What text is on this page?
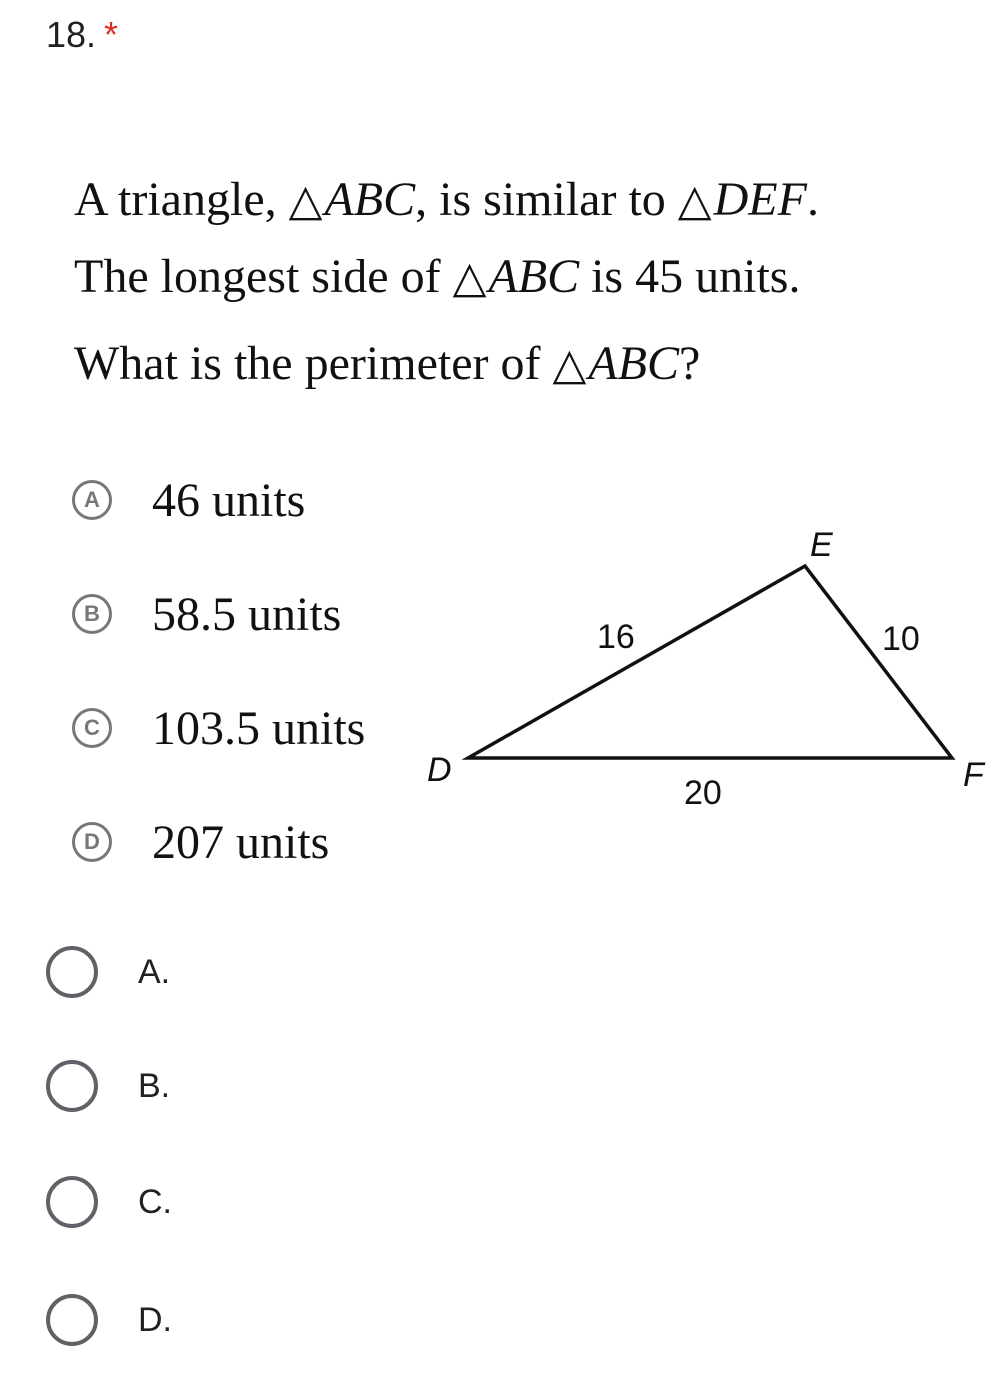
18. *
A triangle, △ABC, is similar to △DEF.
The longest side of △ABC is 45 units.
What is the perimeter of △ABC?
A 46 units
B 58.5 units
C 103.5 units
D 207 units
D
E
F
16	10
20
A.
B.
C.
D.
